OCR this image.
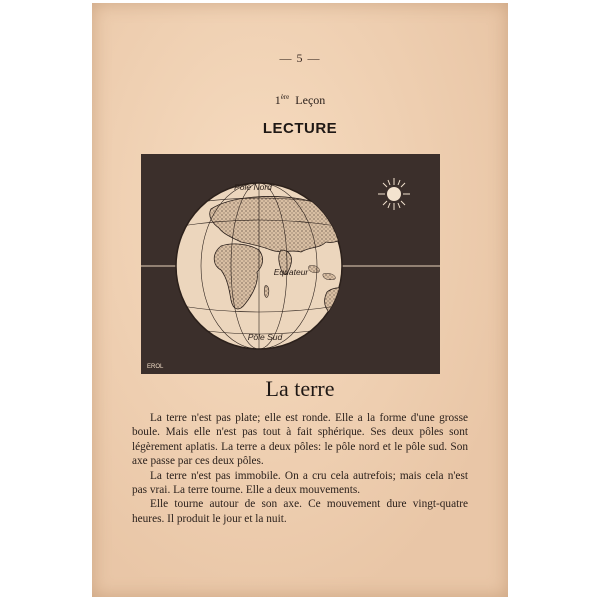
— 5 —
1ère Leçon
LECTURE
Pôle Nord
Equateur
Pôle Sud
EROL
La terre

La terre n'est pas plate; elle est ronde. Elle a la forme d'une grosse boule. Mais elle n'est pas tout à fait sphérique. Ses deux pôles sont légèrement aplatis. La terre a deux pôles: le pôle nord et le pôle sud. Son axe passe par ces deux pôles.

La terre n'est pas immobile. On a cru cela autrefois; mais cela n'est pas vrai. La terre tourne. Elle a deux mouvements.

Elle tourne autour de son axe. Ce mouvement dure vingt-quatre heures. Il produit le jour et la nuit.
